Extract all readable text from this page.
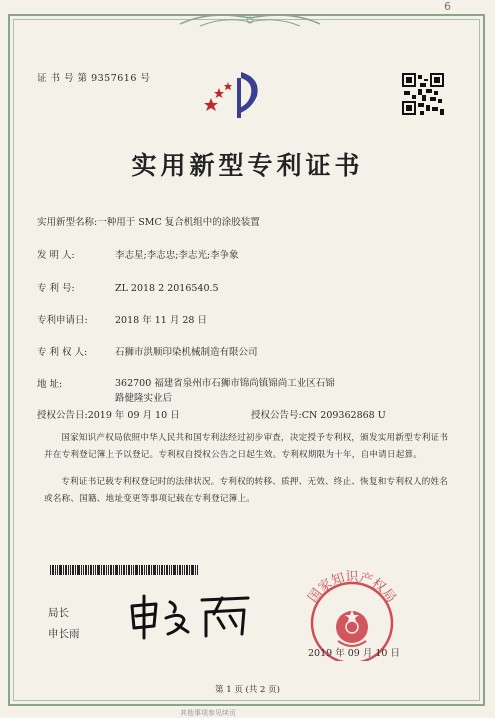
6
证 书 号 第 9357616 号
实用新型专利证书
实用新型名称:一种用于 SMC 复合机组中的涂胶装置
发 明 人:	李志星;李志忠;李志光;李争象
专 利 号:	ZL 2018 2 2016540.5
专利申请日:	2018 年 11 月 28 日
专 利 权 人:	石狮市洪顺印染机械制造有限公司
地 址:	362700 福建省泉州市石狮市锦尚镇锦尚工业区石锦路健隆实业后
授权公告日:2019 年 09 月 10 日	授权公告号:CN 209362868 U
国家知识产权局依照中华人民共和国专利法经过初步审查，决定授予专利权，颁发实用新型专利证书并在专利登记簿上予以登记。专利权自授权公告之日起生效。专利权期限为十年，自申请日起算。
专利证书记载专利权登记时的法律状况。专利权的转移、质押、无效、终止、恢复和专利权人的姓名或名称、国籍、地址变更等事项记载在专利登记簿上。
局长
申长雨
国家知识产权局
2019 年 09 月 10 日
第 1 页 (共 2 页)
其他事项参见续页
